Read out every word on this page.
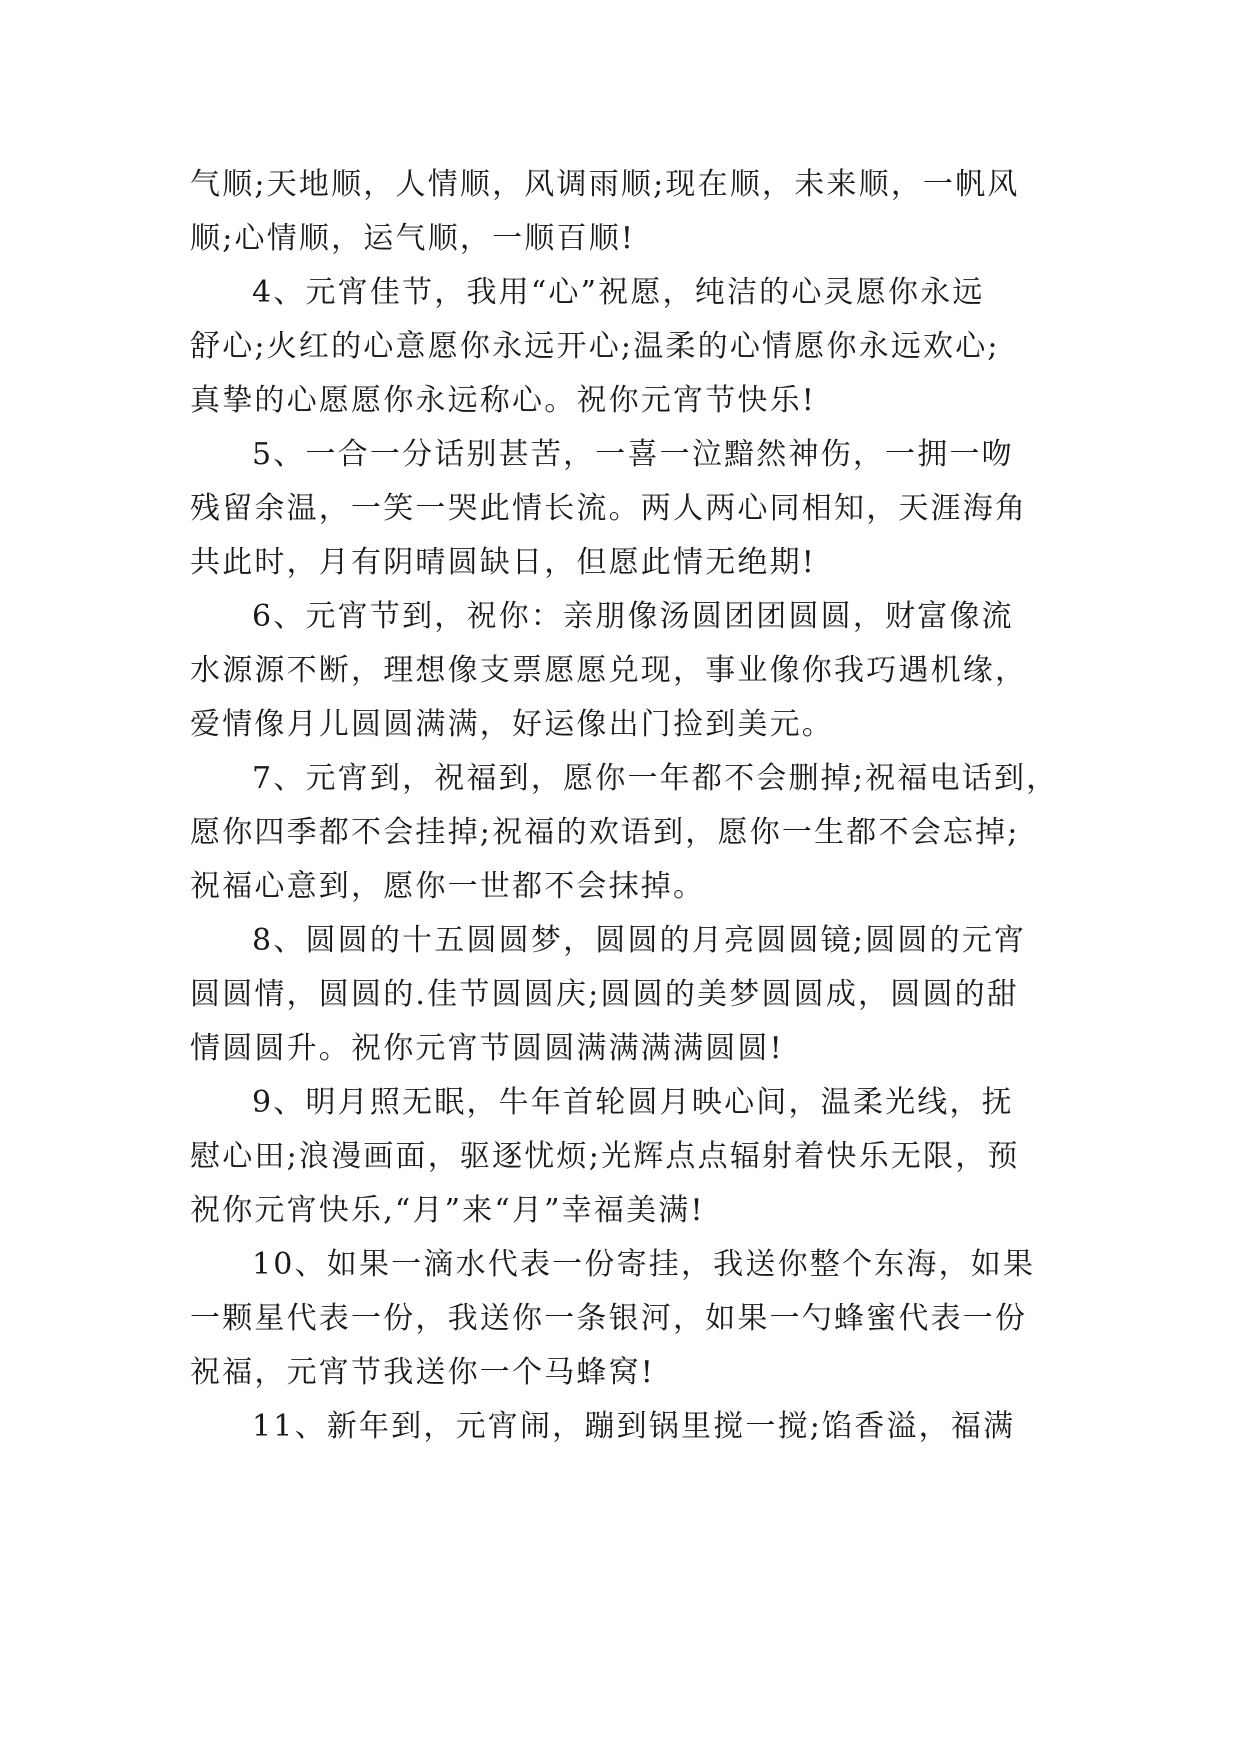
气顺;天地顺，人情顺，风调雨顺;现在顺，未来顺，一帆风
顺;心情顺，运气顺，一顺百顺!
4、元宵佳节，我用“心”祝愿，纯洁的心灵愿你永远
舒心;火红的心意愿你永远开心;温柔的心情愿你永远欢心;
真挚的心愿愿你永远称心。祝你元宵节快乐!
5、一合一分话别甚苦，一喜一泣黯然神伤，一拥一吻
残留余温，一笑一哭此情长流。两人两心同相知，天涯海角
共此时，月有阴晴圆缺日，但愿此情无绝期!
6、元宵节到，祝你：亲朋像汤圆团团圆圆，财富像流
水源源不断，理想像支票愿愿兑现，事业像你我巧遇机缘，
爱情像月儿圆圆满满，好运像出门捡到美元。
7、元宵到，祝福到，愿你一年都不会删掉;祝福电话到，
愿你四季都不会挂掉;祝福的欢语到，愿你一生都不会忘掉;
祝福心意到，愿你一世都不会抹掉。
8、圆圆的十五圆圆梦，圆圆的月亮圆圆镜;圆圆的元宵
圆圆情，圆圆的.佳节圆圆庆;圆圆的美梦圆圆成，圆圆的甜
情圆圆升。祝你元宵节圆圆满满满满圆圆!
9、明月照无眠，牛年首轮圆月映心间，温柔光线，抚
慰心田;浪漫画面，驱逐忧烦;光辉点点辐射着快乐无限，预
祝你元宵快乐,“月”来“月”幸福美满!
10、如果一滴水代表一份寄挂，我送你整个东海，如果
一颗星代表一份，我送你一条银河，如果一勺蜂蜜代表一份
祝福，元宵节我送你一个马蜂窝!
11、新年到，元宵闹，蹦到锅里搅一搅;馅香溢，福满
